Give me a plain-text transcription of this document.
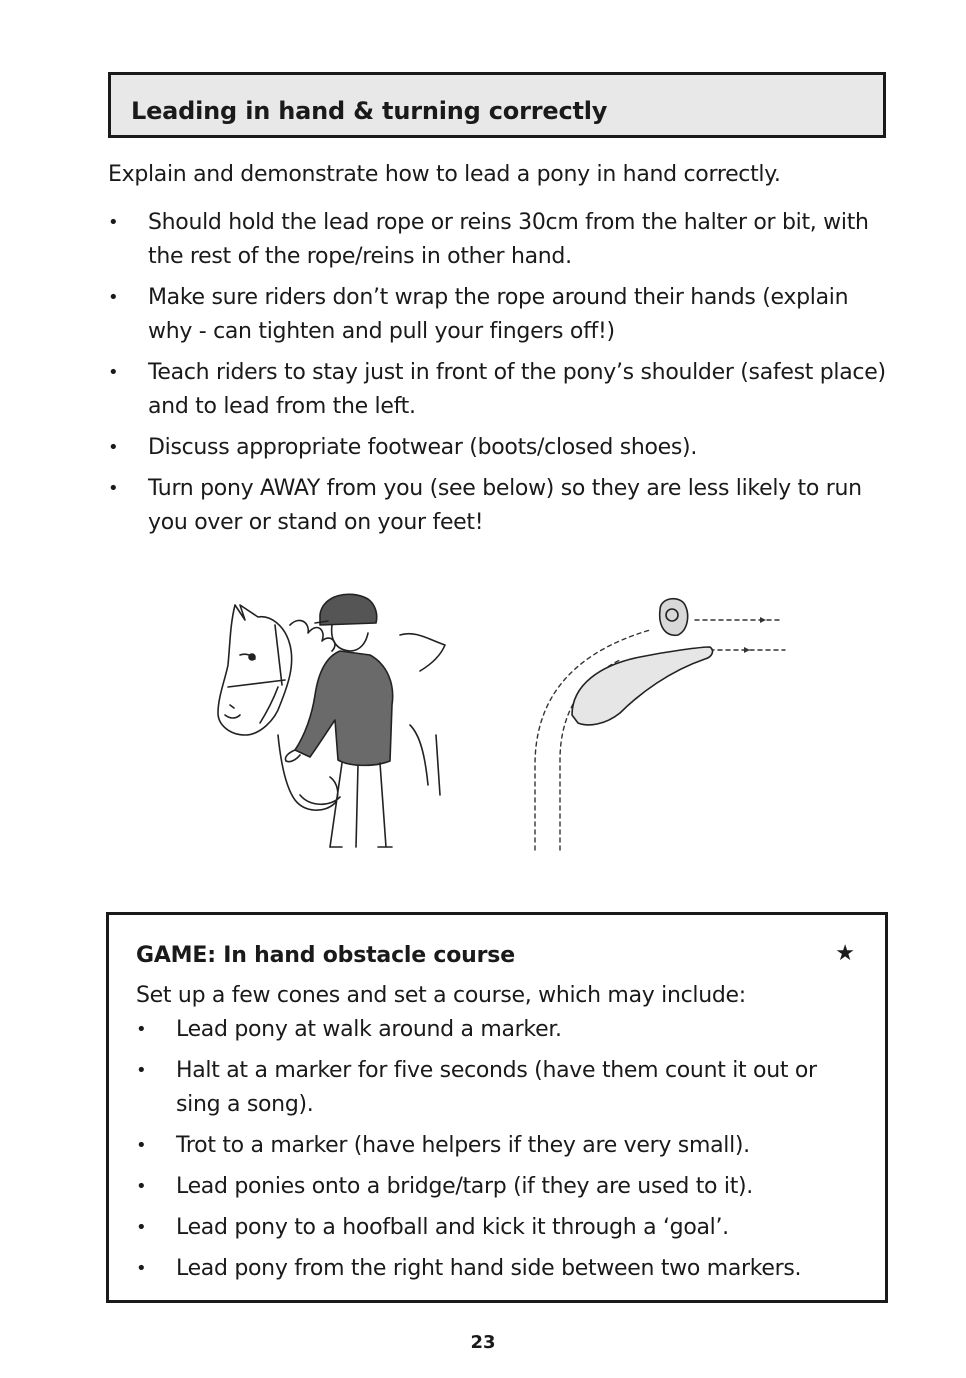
Leading in hand & turning correctly
Explain and demonstrate how to lead a pony in hand correctly.
• Should hold the lead rope or reins 30cm from the halter or bit, with the rest of the rope/reins in other hand.
• Make sure riders don’t wrap the rope around their hands (explain why - can tighten and pull your fingers off!)
• Teach riders to stay just in front of the pony’s shoulder (safest place) and to lead from the left.
• Discuss appropriate footwear (boots/closed shoes).
• Turn pony AWAY from you (see below) so they are less likely to run you over or stand on your feet!
GAME: In hand obstacle course	★
Set up a few cones and set a course, which may include:
• Lead pony at walk around a marker.
• Halt at a marker for five seconds (have them count it out or sing a song).
• Trot to a marker (have helpers if they are very small).
• Lead ponies onto a bridge/tarp (if they are used to it).
• Lead pony to a hoofball and kick it through a ‘goal’.
• Lead pony from the right hand side between two markers.
23
